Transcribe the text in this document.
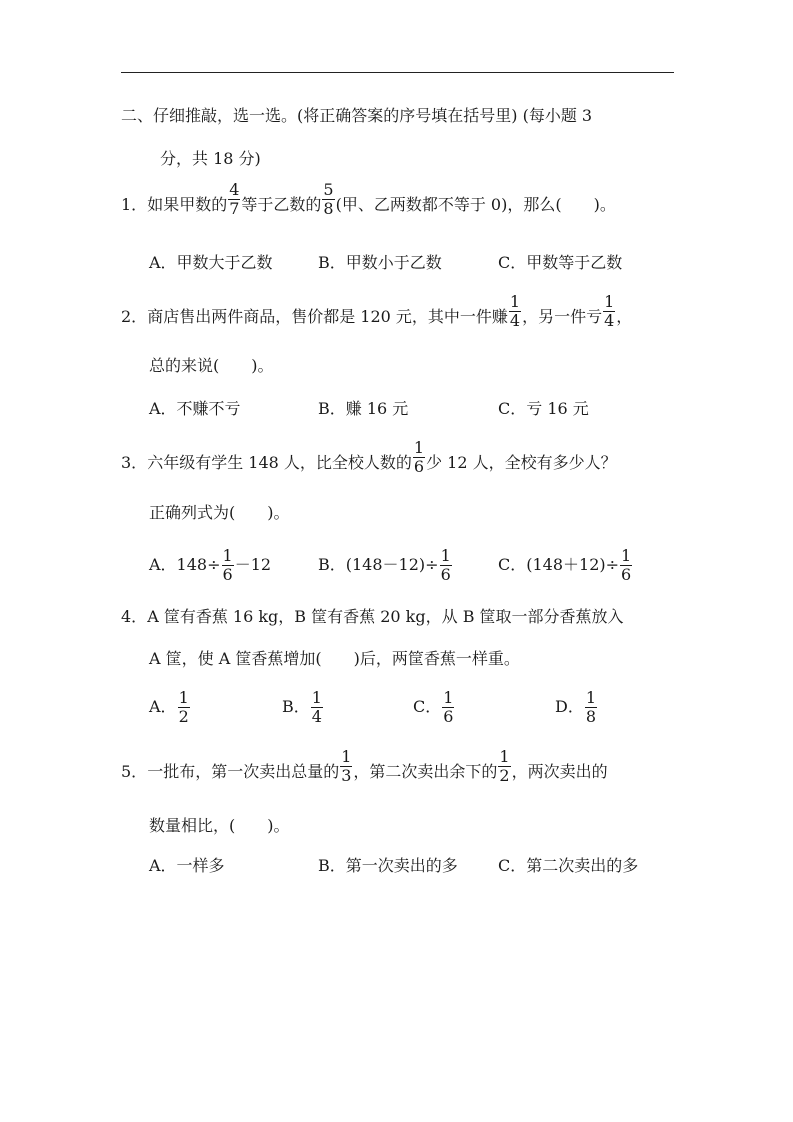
二、仔细推敲，选一选。(将正确答案的序号填在括号里) (每小题 3
分，共 18 分)
1．如果甲数的 $\frac{4}{7}$ 等于乙数的 $\frac{5}{8}$ (甲、乙两数都不等于 0)，那么(　　)。
A．甲数大于乙数	B．甲数小于乙数	C．甲数等于乙数
2．商店售出两件商品，售价都是 120 元，其中一件赚 $\frac{1}{4}$ ，另一件亏 $\frac{1}{4}$ ，
总的来说(　　)。
A．不赚不亏	B．赚 16 元	C．亏 16 元
3．六年级有学生 148 人，比全校人数的 $\frac{1}{6}$ 少 12 人，全校有多少人？
正确列式为(　　)。
A．$148\div \frac{1}{6} -12$	B．$(148-12)\div \frac{1}{6}$	C．$(148+12)\div \frac{1}{6}$
4．A 筐有香蕉 16 kg，B 筐有香蕉 20 kg，从 B 筐取一部分香蕉放入
A 筐，使 A 筐香蕉增加(　　)后，两筐香蕉一样重。
A． $\frac{1}{2}$	B． $\frac{1}{4}$	C． $\frac{1}{6}$	D． $\frac{1}{8}$
5．一批布，第一次卖出总量的 $\frac{1}{3}$ ，第二次卖出余下的 $\frac{1}{2}$ ，两次卖出的
数量相比，(　　)。
A．一样多	B．第一次卖出的多	C．第二次卖出的多
